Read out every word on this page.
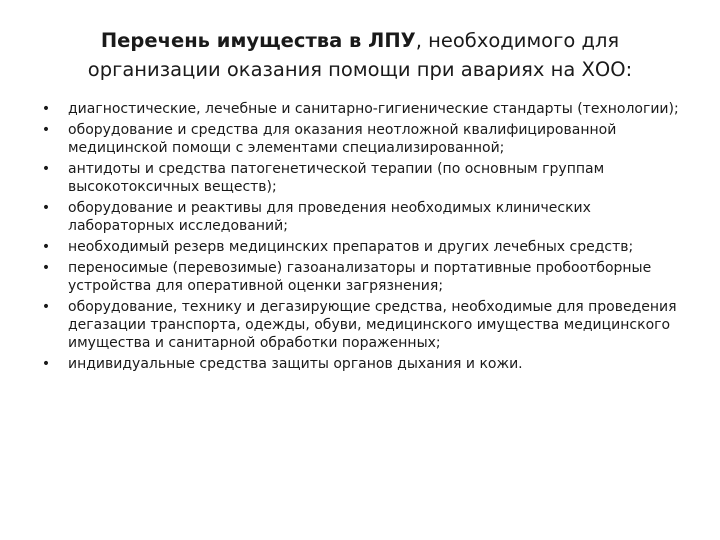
Перечень имущества в ЛПУ, необходимого для
организации оказания помощи при авариях на ХОО:
• диагностические, лечебные и санитарно-гигиенические стандарты (технологии);
• оборудование и средства для оказания неотложной квалифицированной медицинской помощи с элементами специализированной;
• антидоты и средства патогенетической терапии (по основным группам высокотоксичных веществ);
• оборудование и реактивы для проведения необходимых клинических лабораторных исследований;
• необходимый резерв медицинских препаратов и других лечебных средств;
• переносимые (перевозимые) газоанализаторы и портативные пробоотборные устройства для оперативной оценки загрязнения;
• оборудование, технику и дегазирующие средства, необходимые для проведения дегазации транспорта, одежды, обуви, медицинского имущества медицинского имущества и санитарной обработки пораженных;
• индивидуальные средства защиты органов дыхания и кожи.
